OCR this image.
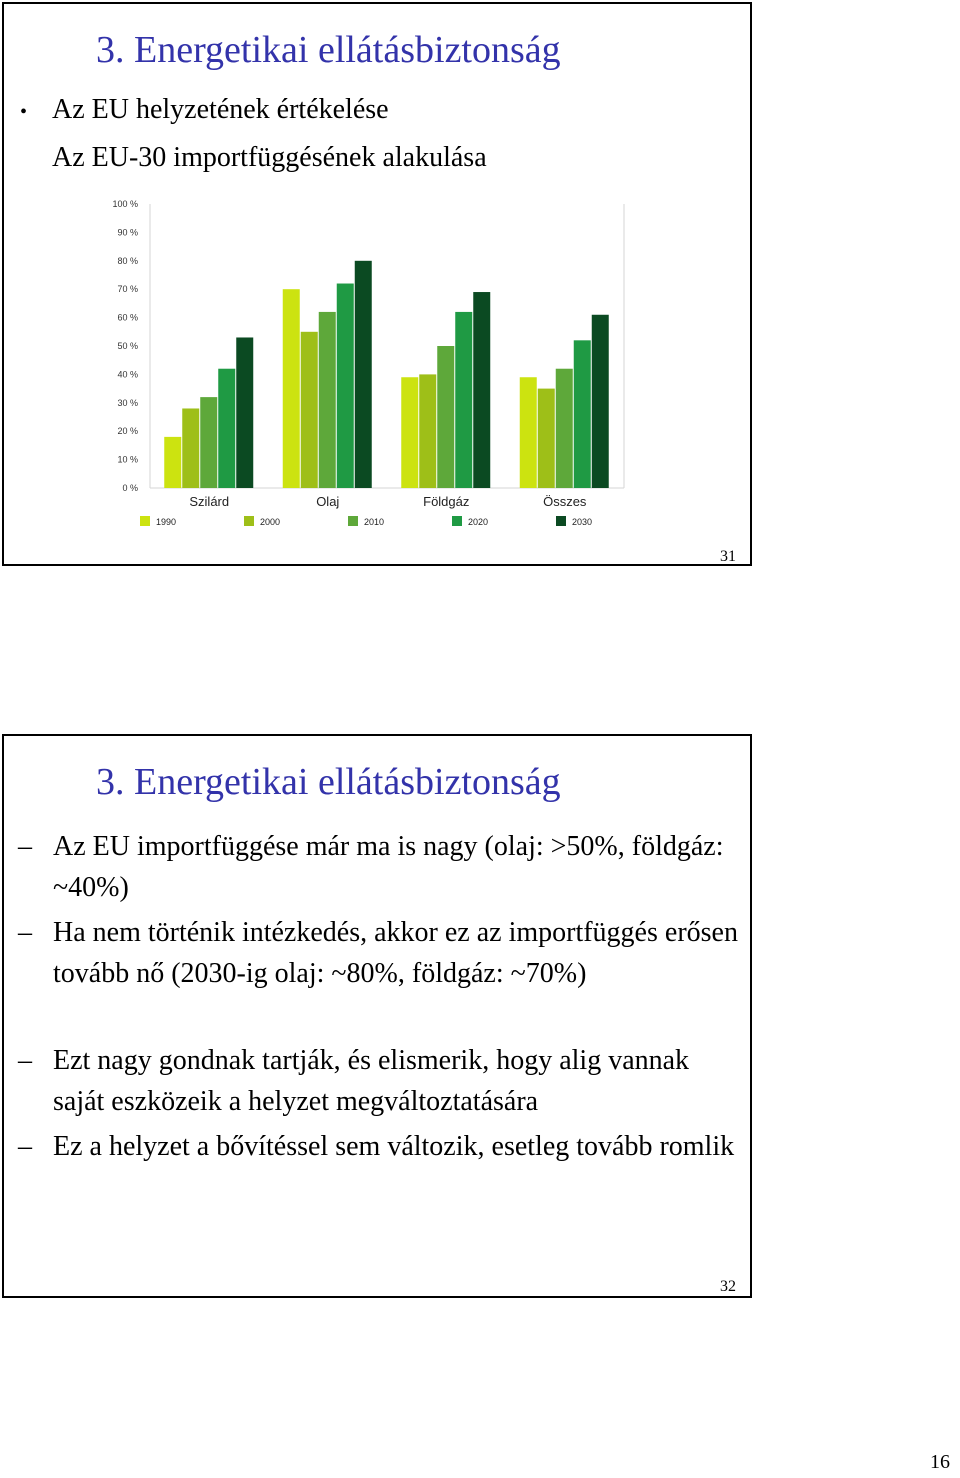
3. Energetikai ellátásbiztonság
• Az EU helyzetének értékelése
Az EU-30 importfüggésének alakulása
0 %
10 %
20 %
30 %
40 %
50 %
60 %
70 %
80 %
90 %
100 %
Szilárd	Olaj	Földgáz	Összes
1990	2000	2010	2020	2030
31
3. Energetikai ellátásbiztonság
– Az EU importfüggése már ma is nagy (olaj: >50%, földgáz: ~40%)
– Ha nem történik intézkedés, akkor ez az importfüggés erősen tovább nő (2030-ig olaj: ~80%, földgáz: ~70%)
– Ezt nagy gondnak tartják, és elismerik, hogy alig vannak saját eszközeik a helyzet megváltoztatására
– Ez a helyzet a bővítéssel sem változik, esetleg tovább romlik
32
16
